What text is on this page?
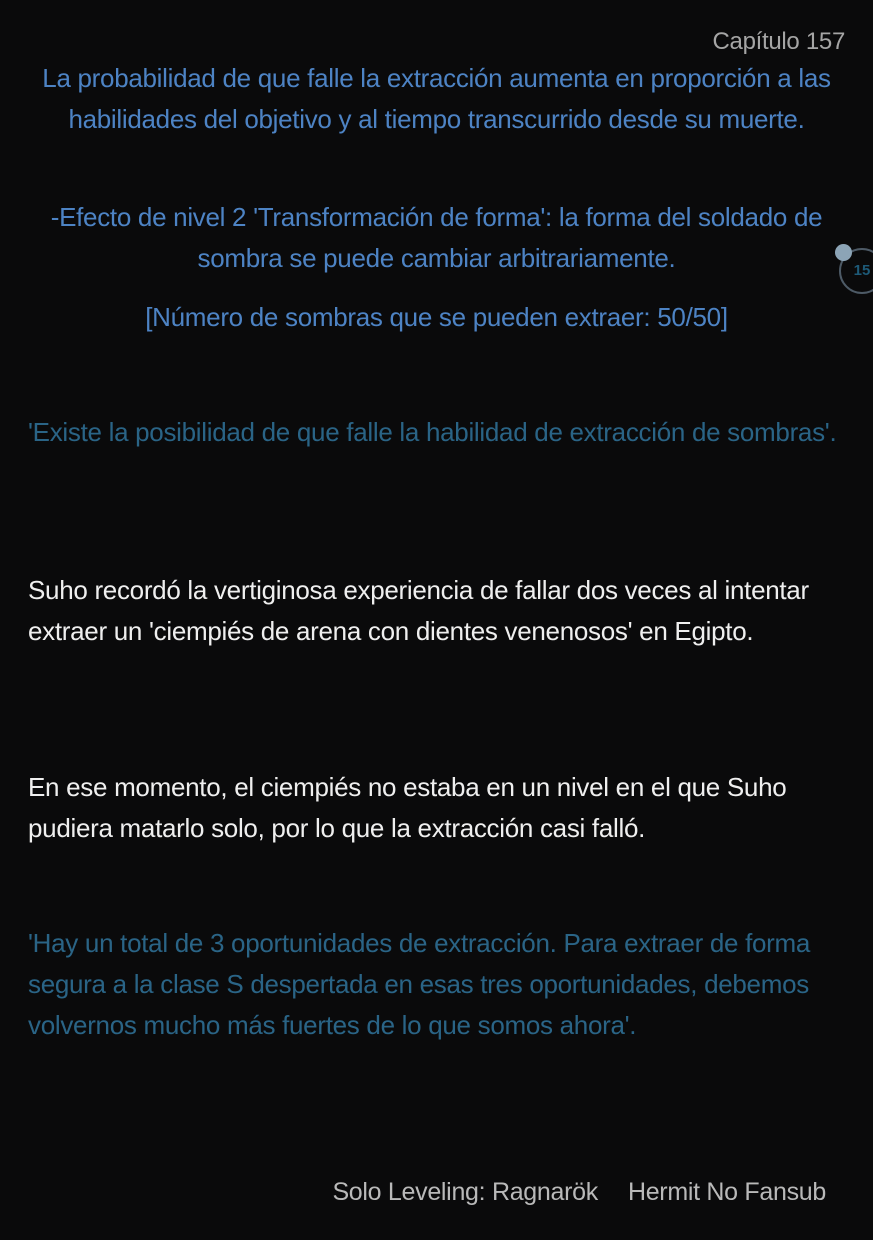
Capítulo 157
La probabilidad de que falle la extracción aumenta en proporción a las habilidades del objetivo y al tiempo transcurrido desde su muerte.
-Efecto de nivel 2 'Transformación de forma': la forma del soldado de sombra se puede cambiar arbitrariamente.
[Número de sombras que se pueden extraer: 50/50]
15
'Existe la posibilidad de que falle la habilidad de extracción de sombras'.
Suho recordó la vertiginosa experiencia de fallar dos veces al intentar extraer un 'ciempiés de arena con dientes venenosos' en Egipto.
En ese momento, el ciempiés no estaba en un nivel en el que Suho pudiera matarlo solo, por lo que la extracción casi falló.
'Hay un total de 3 oportunidades de extracción. Para extraer de forma segura a la clase S despertada en esas tres oportunidades, debemos volvernos mucho más fuertes de lo que somos ahora'.
Solo Leveling: Ragnarök Hermit No Fansub
